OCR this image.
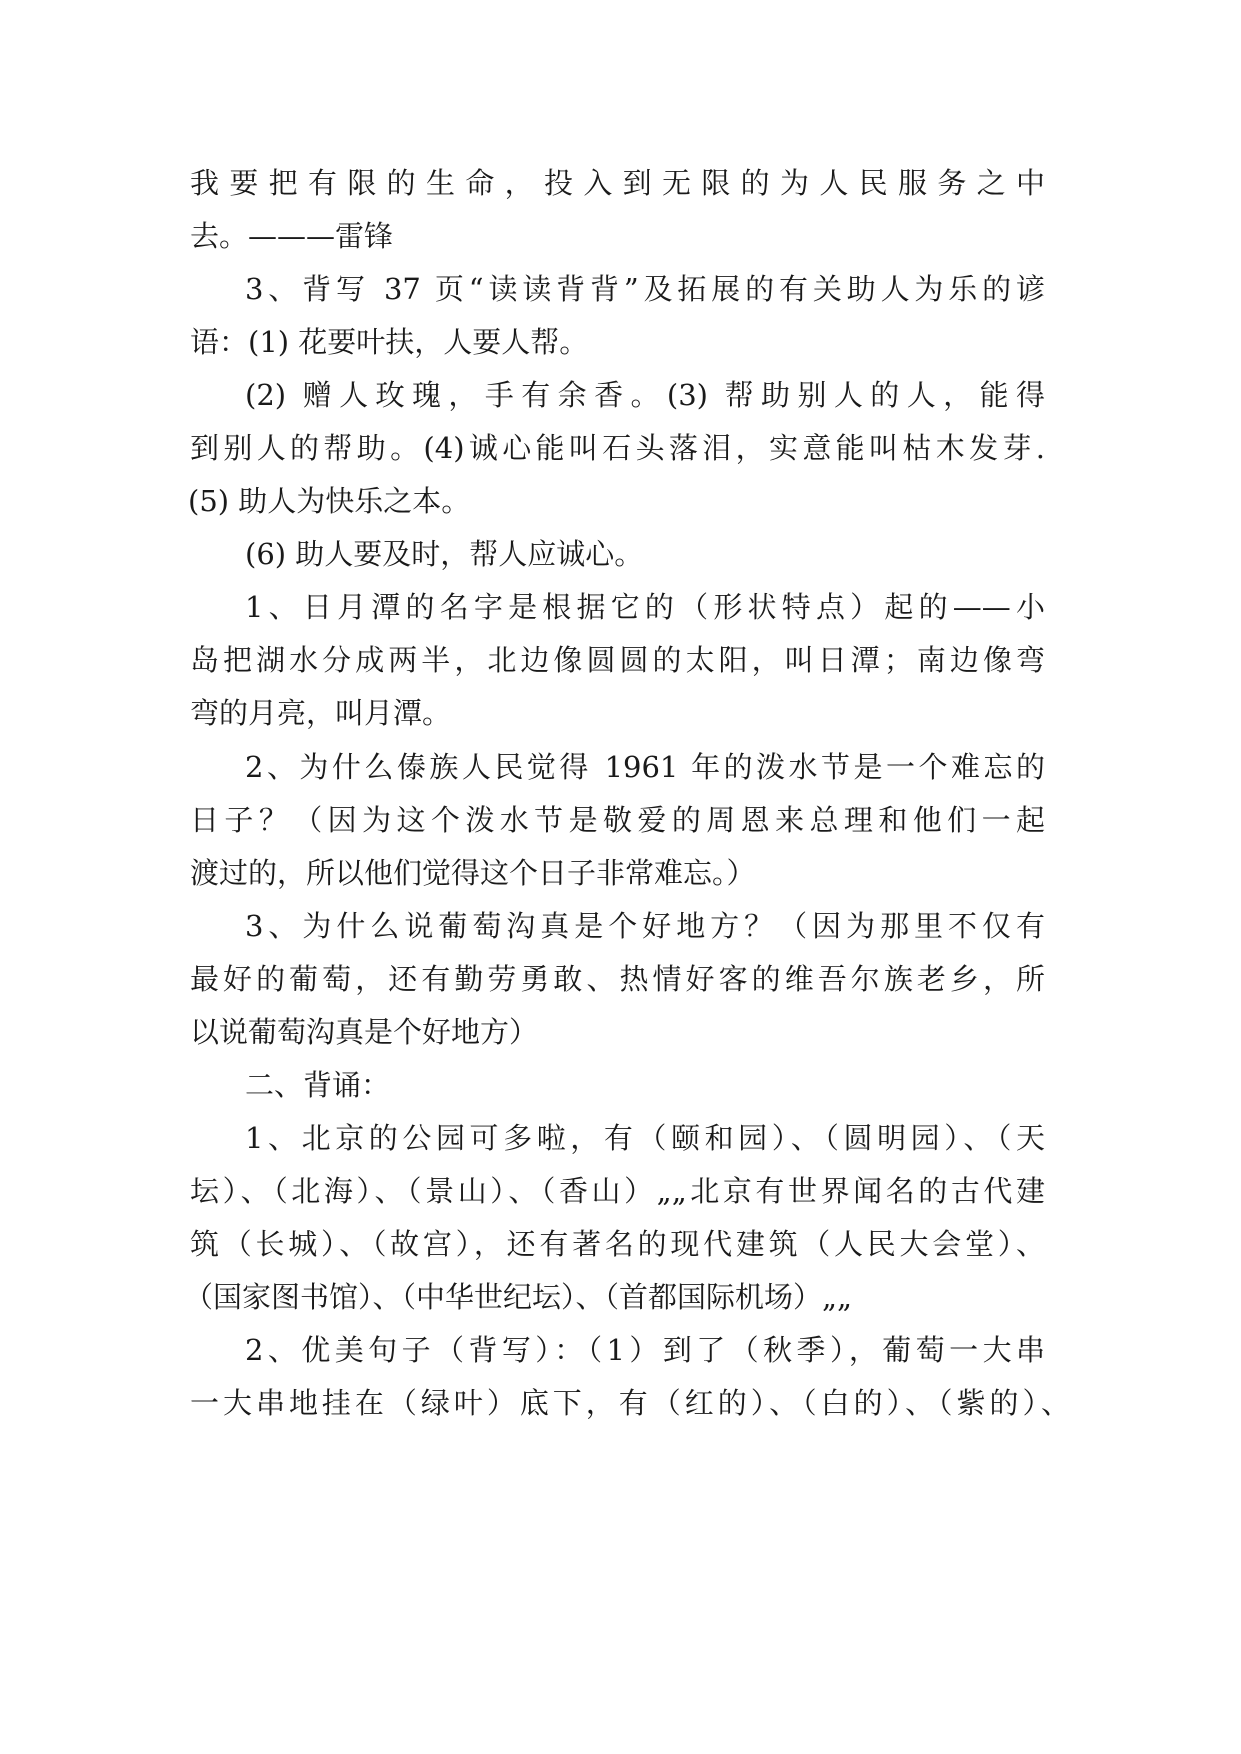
我要把有限的生命，投入到无限的为人民服务之中
去。———雷锋
3、背写 37 页“读读背背”及拓展的有关助人为乐的谚
语：(1) 花要叶扶，人要人帮。
(2) 赠人玫瑰，手有余香。(3) 帮助别人的人，能得
到别人的帮助。(4)诚心能叫石头落泪，实意能叫枯木发芽.
(5) 助人为快乐之本。
(6) 助人要及时，帮人应诚心。
1、日月潭的名字是根据它的（形状特点）起的——小
岛把湖水分成两半，北边像圆圆的太阳，叫日潭；南边像弯
弯的月亮，叫月潭。
2、为什么傣族人民觉得 1961 年的泼水节是一个难忘的
日子？（因为这个泼水节是敬爱的周恩来总理和他们一起
渡过的，所以他们觉得这个日子非常难忘。）
3、为什么说葡萄沟真是个好地方？（因为那里不仅有
最好的葡萄，还有勤劳勇敢、热情好客的维吾尔族老乡，所
以说葡萄沟真是个好地方）
二、背诵：
1、北京的公园可多啦，有（颐和园）、（圆明园）、（天
坛）、（北海）、（景山）、（香山）„„北京有世界闻名的古代建
筑（长城）、（故宫），还有著名的现代建筑（人民大会堂）、
（国家图书馆）、（中华世纪坛）、（首都国际机场）„„
2、优美句子（背写）：（1）到了（秋季），葡萄一大串
一大串地挂在（绿叶）底下，有（红的）、（白的）、（紫的）、
